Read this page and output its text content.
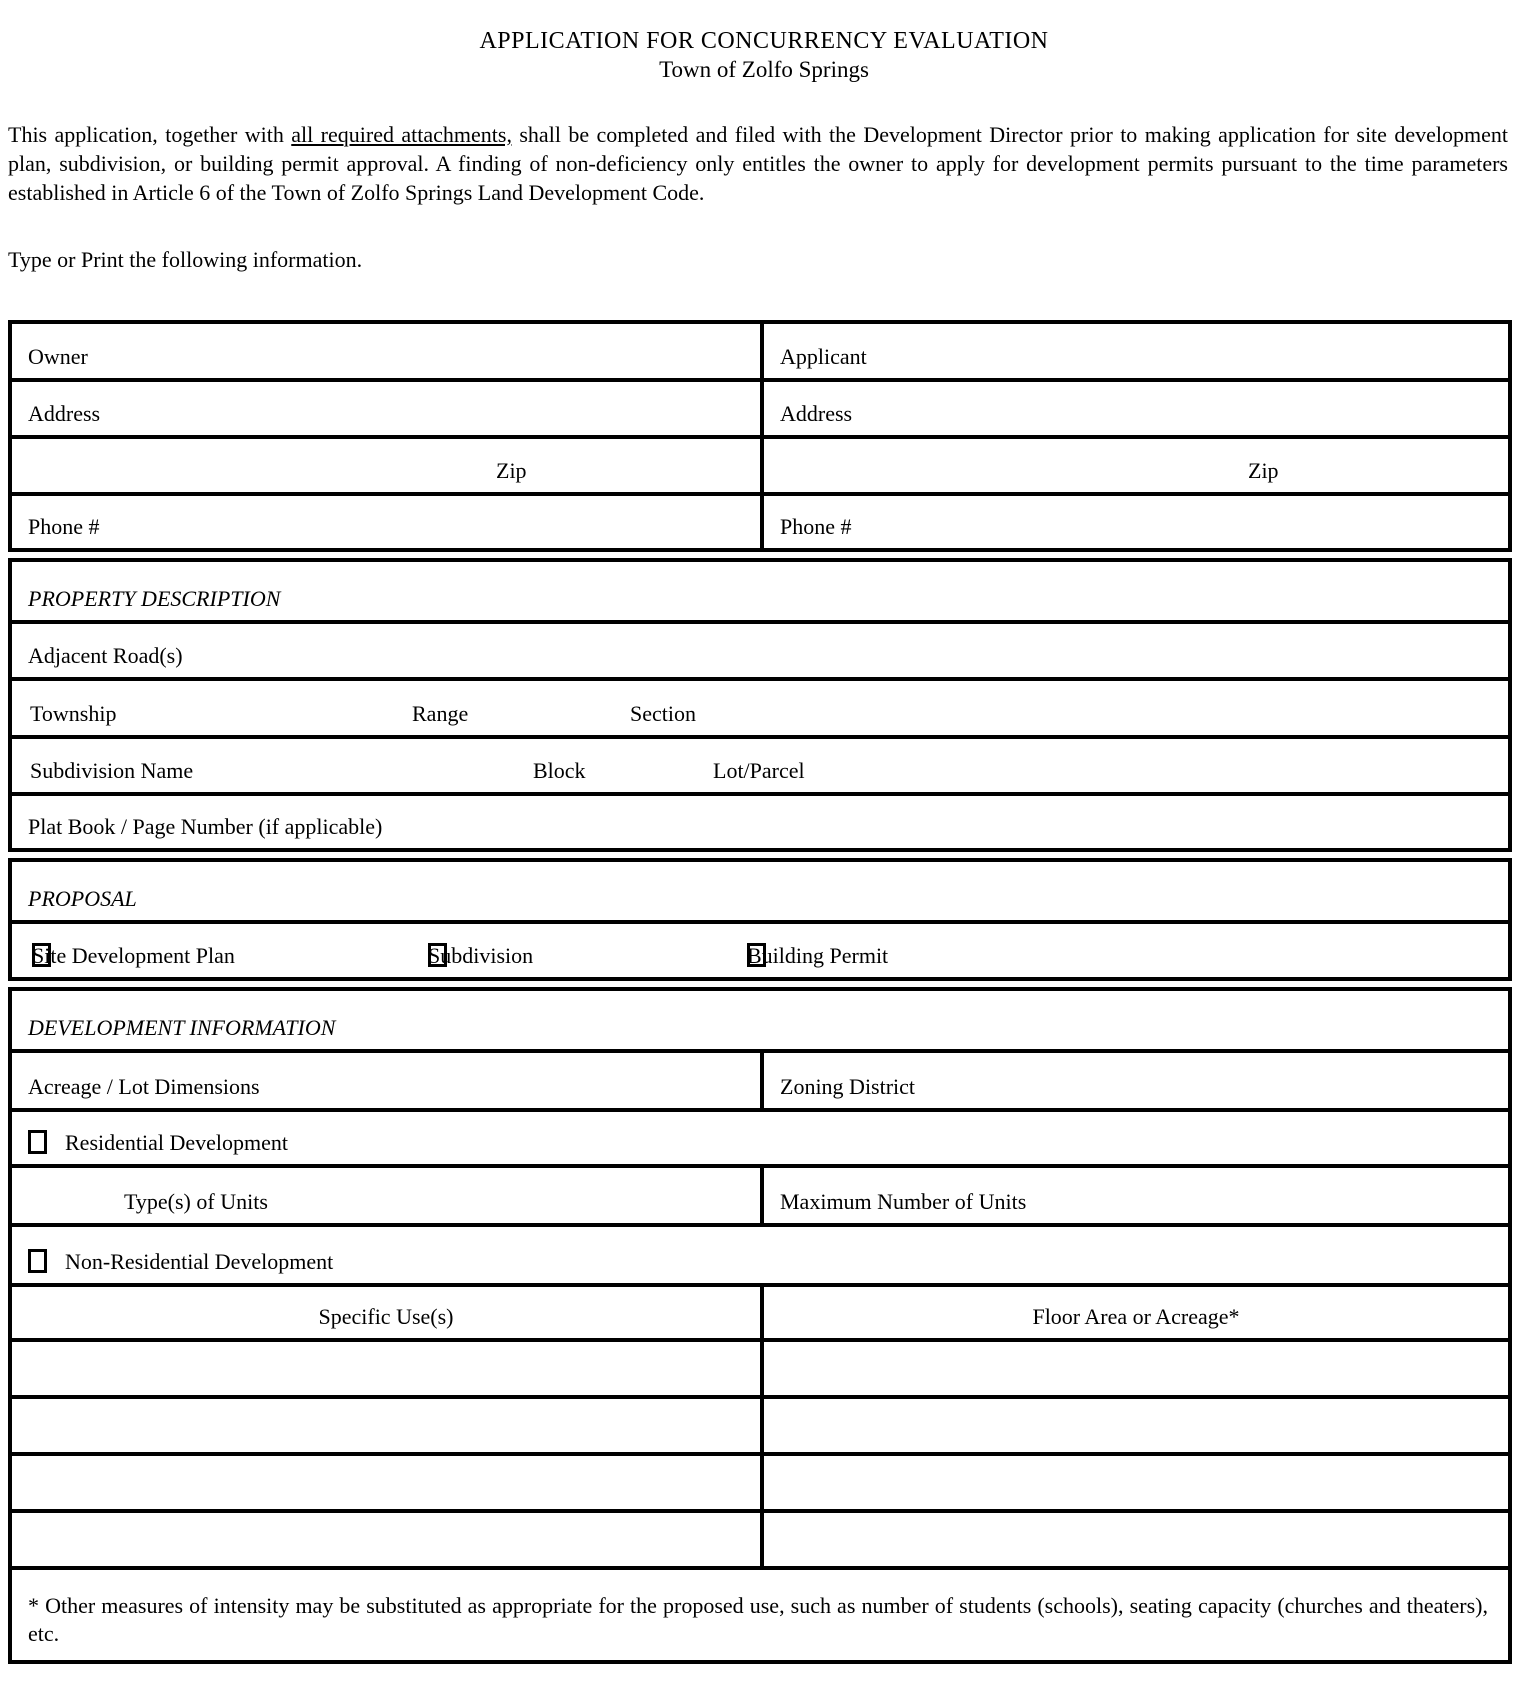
APPLICATION FOR CONCURRENCY EVALUATION
Town of Zolfo Springs

This application, together with all required attachments, shall be completed and filed with the Development Director prior to making application for site development plan, subdivision, or building permit approval. A finding of non-deficiency only entitles the owner to apply for development permits pursuant to the time parameters established in Article 6 of the Town of Zolfo Springs Land Development Code.

Type or Print the following information.

Owner	Applicant
Address	Address
Zip	Zip
Phone #	Phone #
PROPERTY DESCRIPTION
Adjacent Road(s)
Township	Range	Section
Subdivision Name	Block	Lot/Parcel
Plat Book / Page Number (if applicable)
PROPOSAL
Site Development Plan	Subdivision	Building Permit
DEVELOPMENT INFORMATION
Acreage / Lot Dimensions	Zoning District
Residential Development
Type(s) of Units	Maximum Number of Units
Non-Residential Development
Specific Use(s)	Floor Area or Acreage*
* Other measures of intensity may be substituted as appropriate for the proposed use, such as number of students (schools), seating capacity (churches and theaters), etc.
